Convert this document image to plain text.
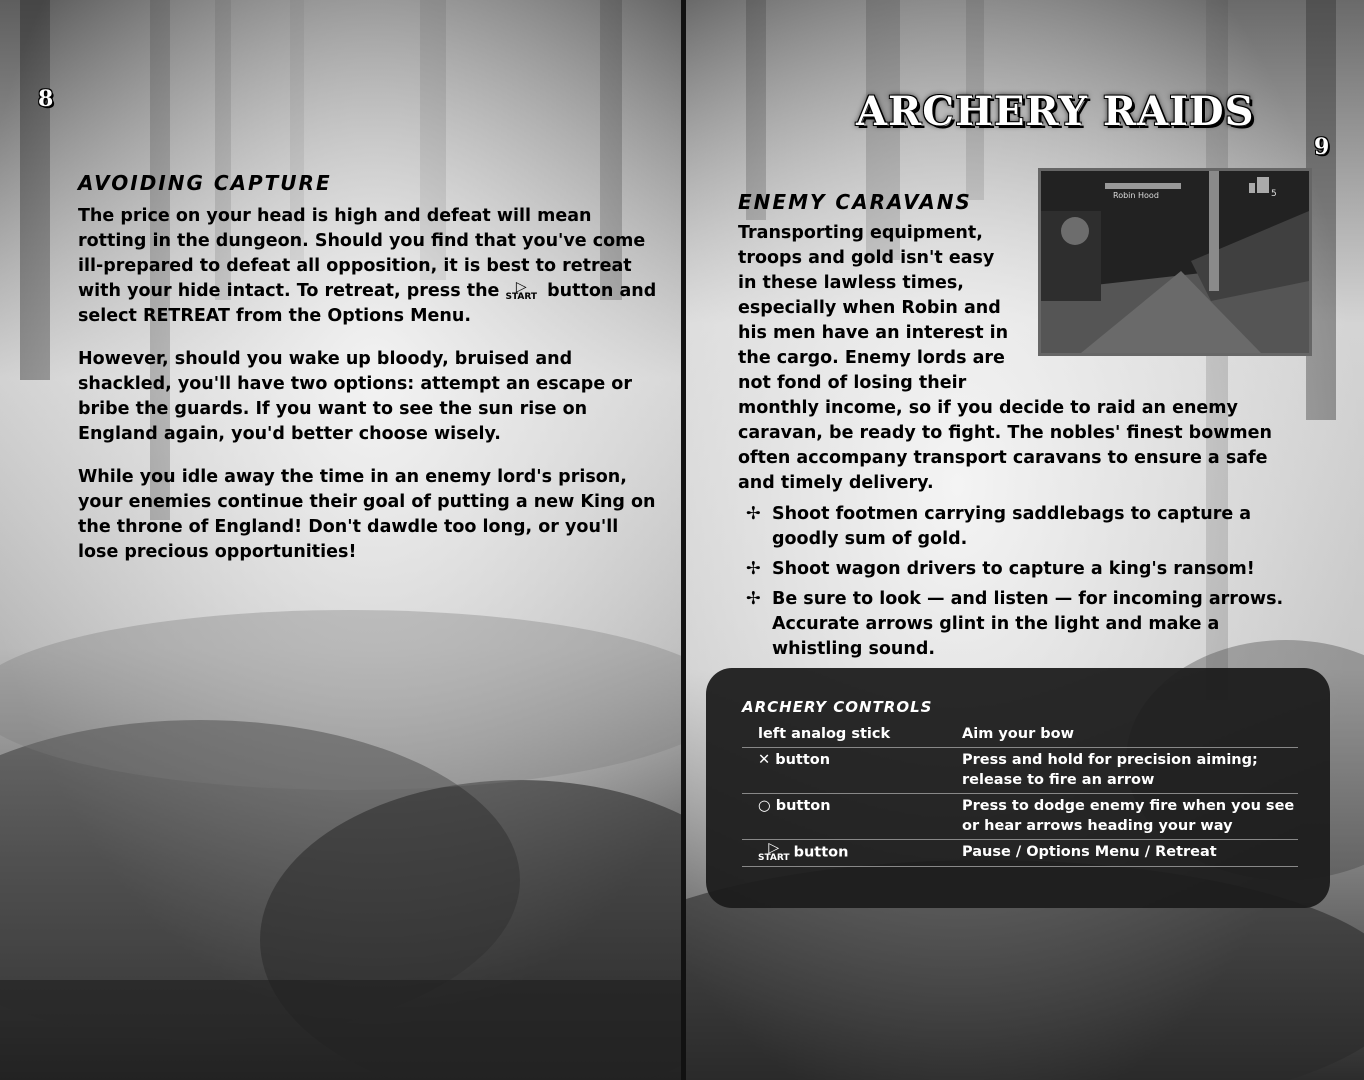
8
AVOIDING CAPTURE

The price on your head is high and defeat will mean rotting in the dungeon. Should you find that you've come ill-prepared to defeat all opposition, it is best to retreat with your hide intact. To retreat, press the	▷
START button and select RETREAT from the Options Menu.

However, should you wake up bloody, bruised and shackled, you'll have two options: attempt an escape or bribe the guards. If you want to see the sun rise on England again, you'd better choose wisely.

While you idle away the time in an enemy lord's prison, your enemies continue their goal of putting a new King on the throne of England! Don't dawdle too long, or you'll lose precious opportunities!

ARCHERY RAIDS
9
ENEMY CARAVANS	Robin Hood	5

Transporting equipment, troops and gold isn't easy in these lawless times, especially when Robin and his men have an interest in the cargo. Enemy lords are not fond of losing their monthly income, so if you decide to raid an enemy caravan, be ready to fight. The nobles' finest bowmen often accompany transport caravans to ensure a safe and timely delivery.

✢ Shoot footmen carrying saddlebags to capture a goodly sum of gold.
✢ Shoot wagon drivers to capture a king's ransom!
✢ Be sure to look — and listen — for incoming arrows. Accurate arrows glint in the light and make a whistling sound.
ARCHERY CONTROLS
left analog stick	Aim your bow
✕ button	Press and hold for precision aiming; release to fire an arrow
○ button	Press to dodge enemy fire when you see or hear arrows heading your way

▷
START button	Pause / Options Menu / Retreat
